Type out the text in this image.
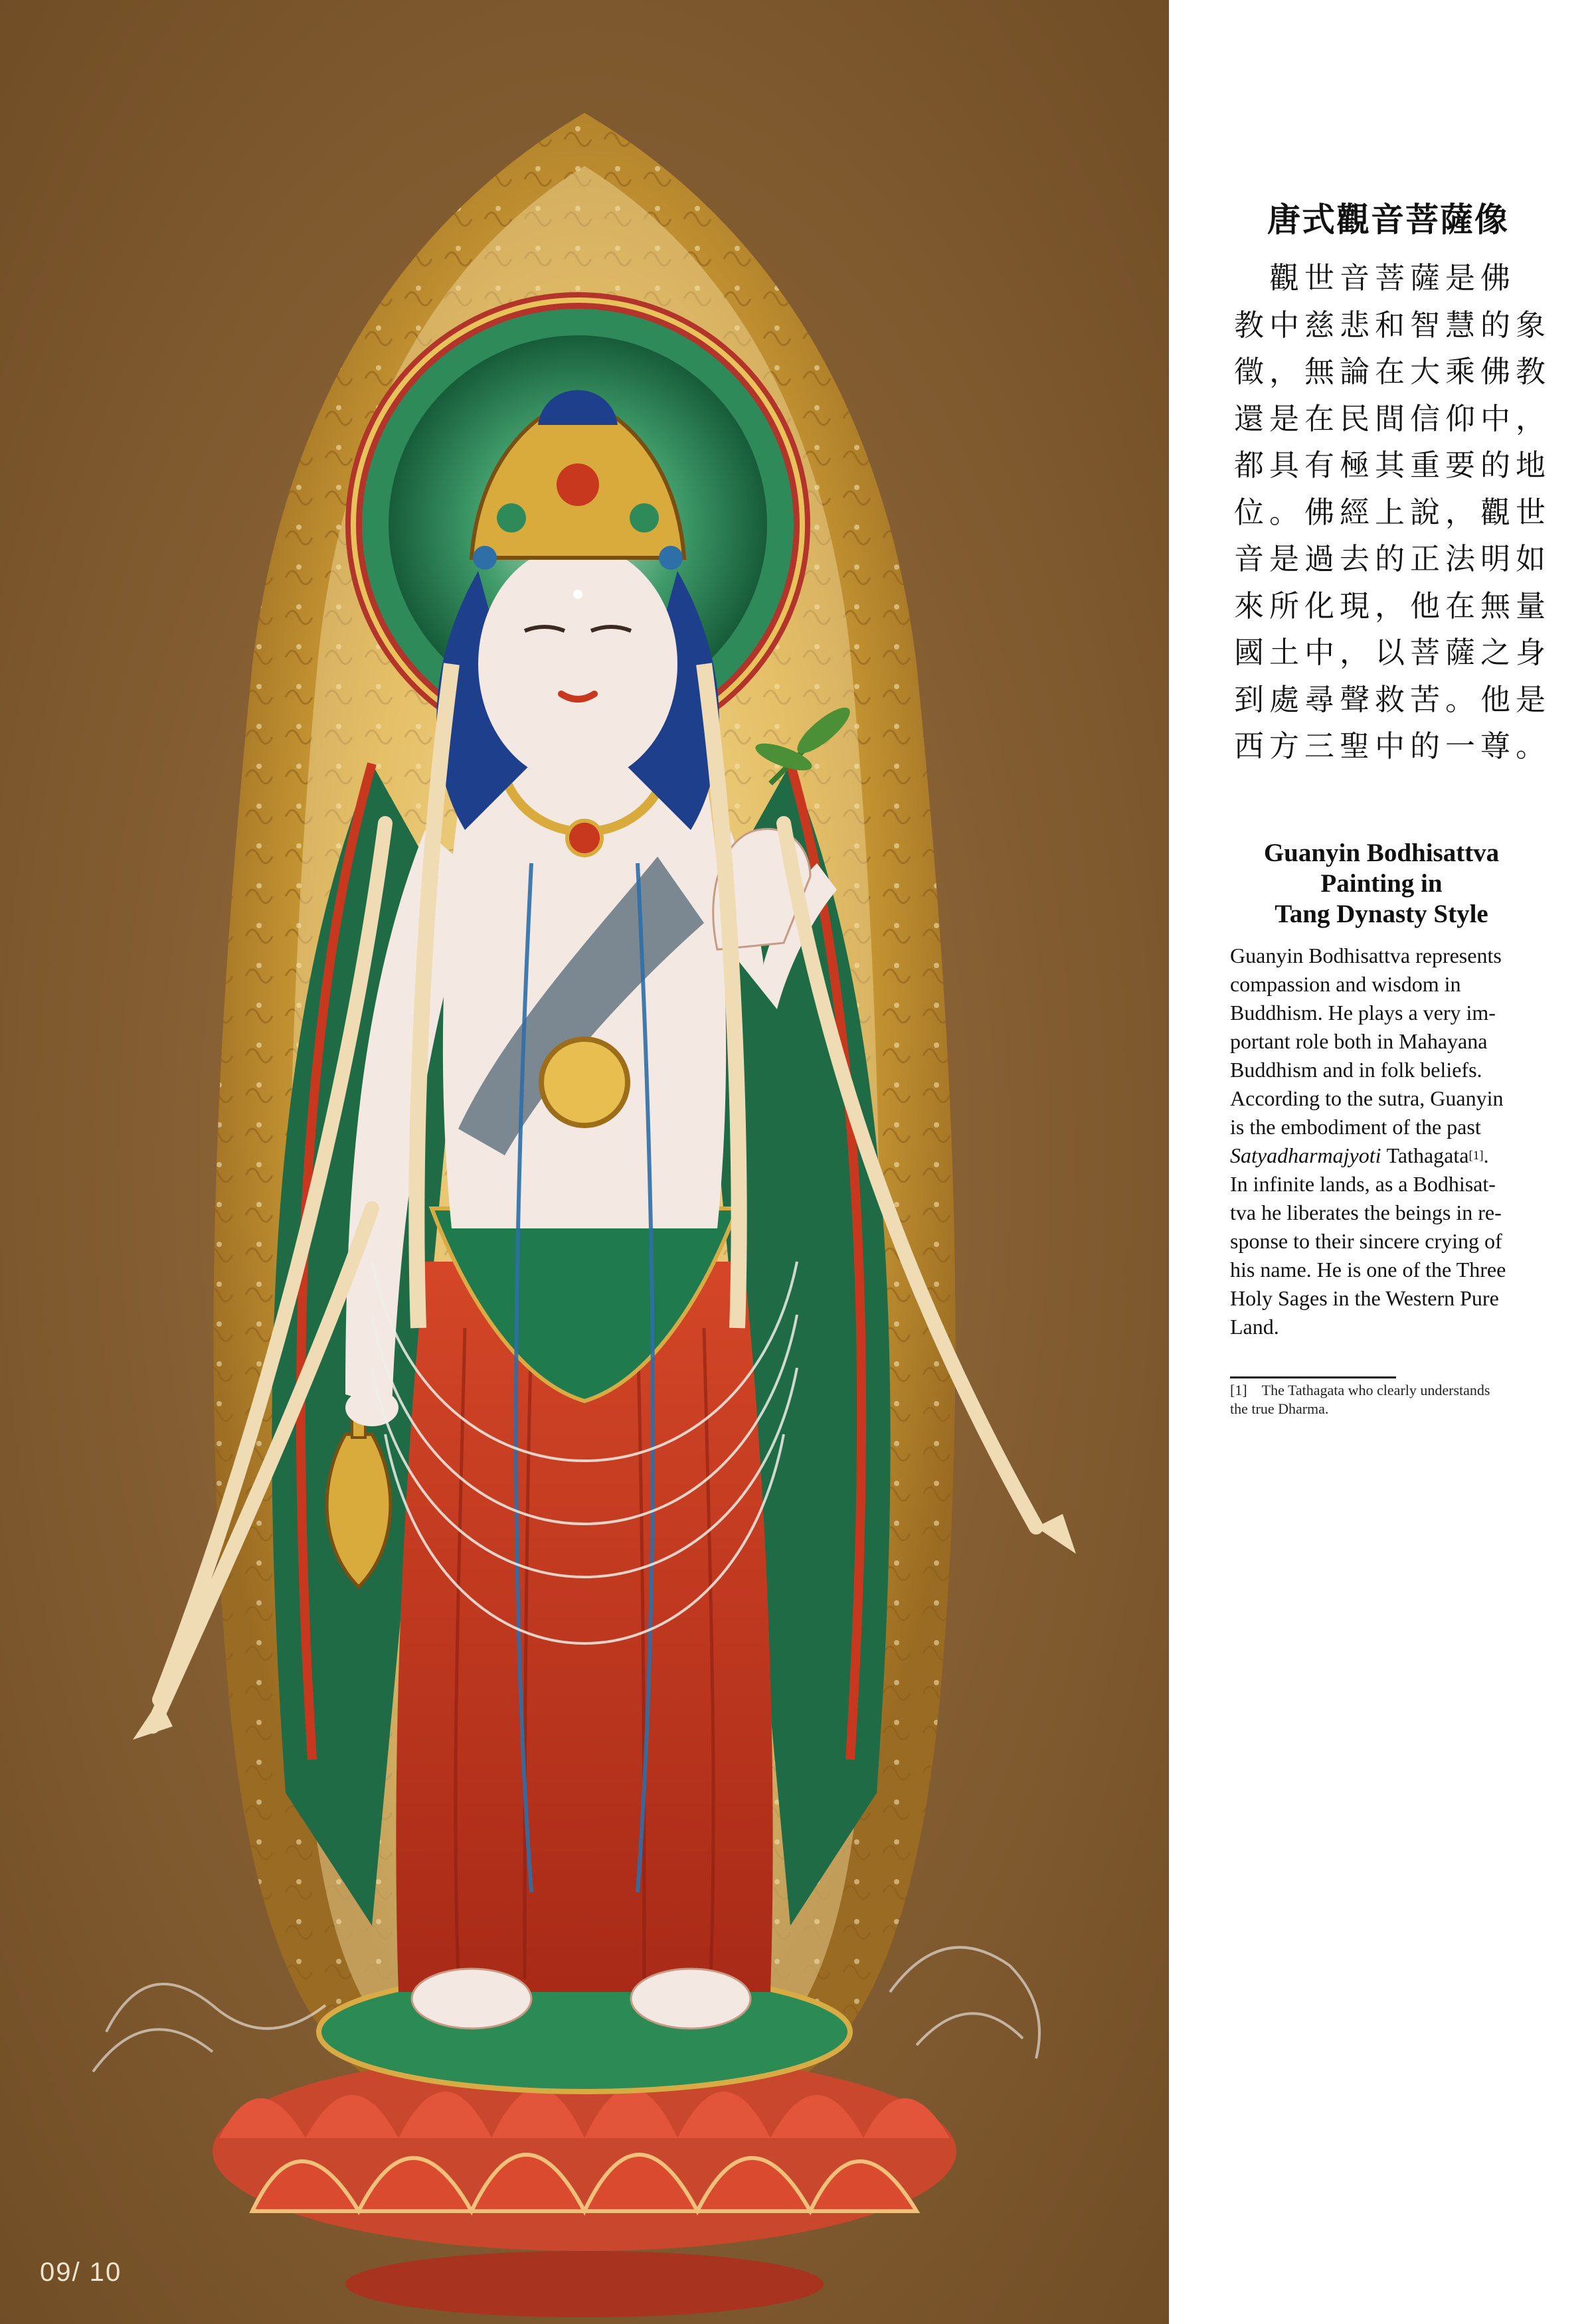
09/ 10
唐式觀音菩薩像

　觀世音菩薩是佛

教中慈悲和智慧的象

徵，無論在大乘佛教

還是在民間信仰中，

都具有極其重要的地

位。佛經上說，觀世

音是過去的正法明如

來所化現，他在無量

國土中，以菩薩之身

到處尋聲救苦。他是

西方三聖中的一尊。

Guanyin Bodhisattva
Painting in
Tang Dynasty Style
Guanyin Bodhisattva represents
compassion and wisdom in
Buddhism. He plays a very im-
portant role both in Mahayana
Buddhism and in folk beliefs.
According to the sutra, Guanyin
is the embodiment of the past
Satyadharmajyoti
Tathagata [1] .
In infinite lands, as a Bodhisat-
tva he liberates the beings in re-
sponse to their sincere crying of
his name. He is one of the Three
Holy Sages in the Western Pure
Land.
[1] The Tathagata who clearly understands
the true Dharma.
